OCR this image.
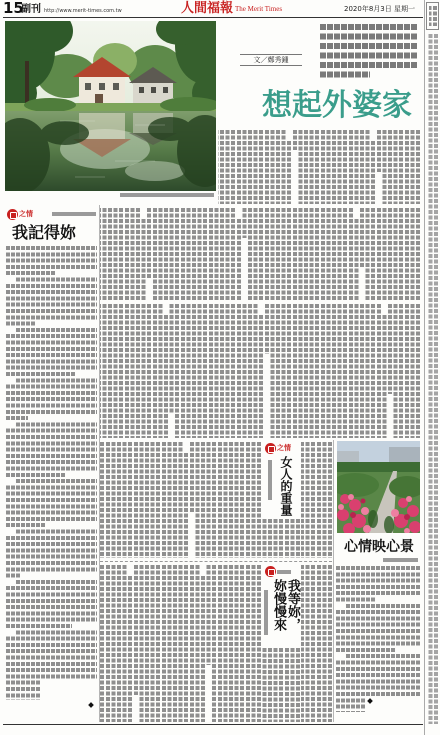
15
副刊 http://www.merit-times.com.tw	人間福報 The Merit Times	2020年8月3日 星期一
文／鄭秀鍾
想起外婆家
之情
我記得妳
之情
女人的重量
我等妳，妳慢慢來
心情映心景
